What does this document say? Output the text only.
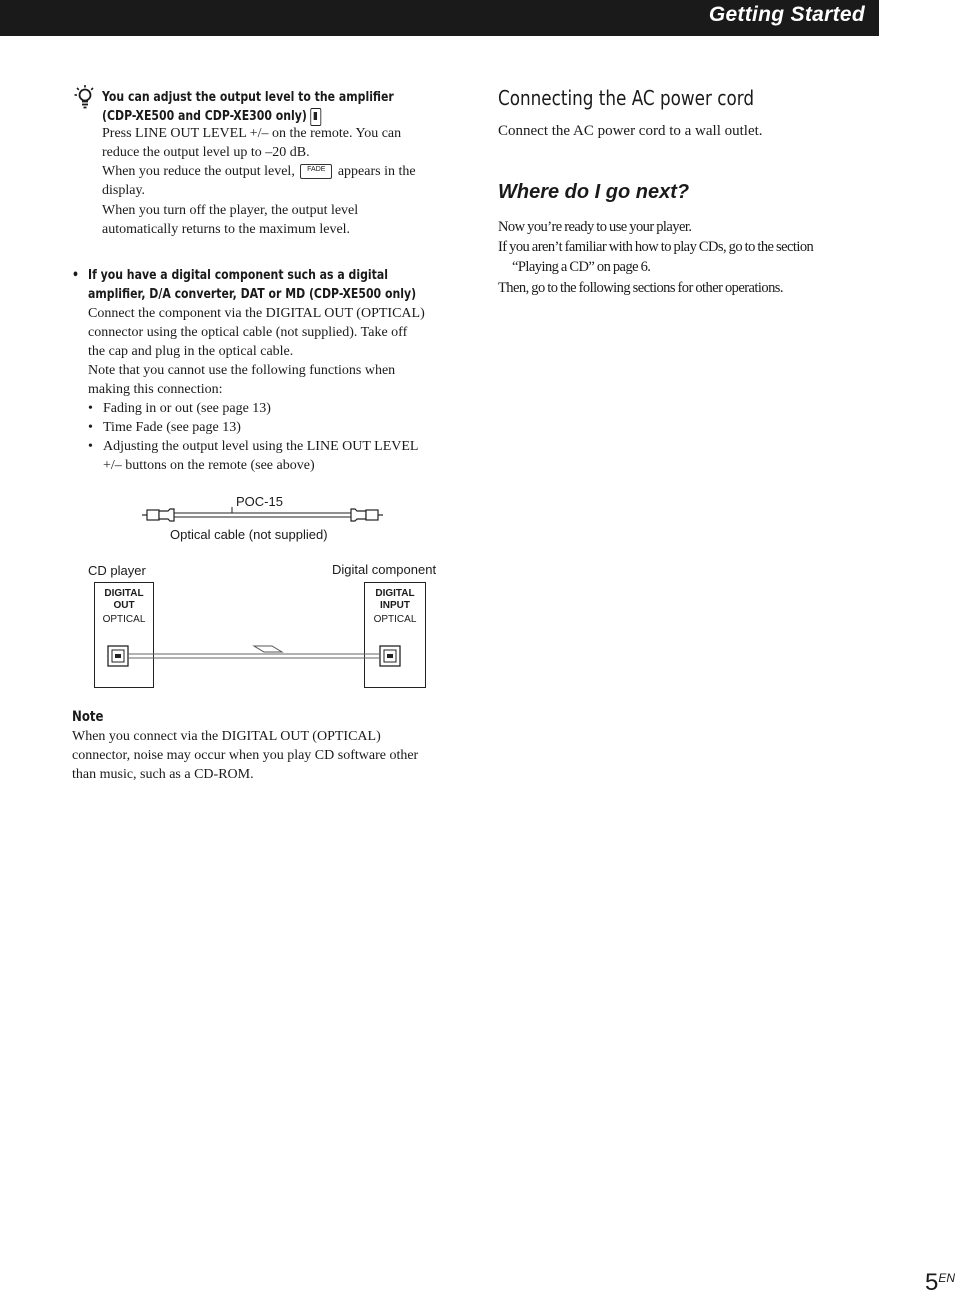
Getting Started
You can adjust the output level to the amplifier
(CDP-XE500 and CDP-XE300 only)
Press LINE OUT LEVEL +/– on the remote. You can
reduce the output level up to –20 dB.
When you reduce the output level, FADE appears in the
display.
When you turn off the player, the output level
automatically returns to the maximum level.
• If you have a digital component such as a digital
amplifier, D/A converter, DAT or MD (CDP-XE500 only)
Connect the component via the DIGITAL OUT (OPTICAL)
connector using the optical cable (not supplied). Take off
the cap and plug in the optical cable.
Note that you cannot use the following functions when
making this connection:
• Fading in or out (see page 13)
• Time Fade (see page 13)
• Adjusting the output level using the LINE OUT LEVEL
+/– buttons on the remote (see above)
POC-15
Optical cable (not supplied)
CD player	Digital component
DIGITAL
OUT
OPTICAL
DIGITAL
INPUT
OPTICAL
Note
When you connect via the DIGITAL OUT (OPTICAL)
connector, noise may occur when you play CD software other
than music, such as a CD-ROM.
Connecting the AC power cord
Connect the AC power cord to a wall outlet.
Where do I go next?
Now you’re ready to use your player.
If you aren’t familiar with how to play CDs, go to the section
“Playing a CD” on page 6.
Then, go to the following sections for other operations.
$5^{EN}$
